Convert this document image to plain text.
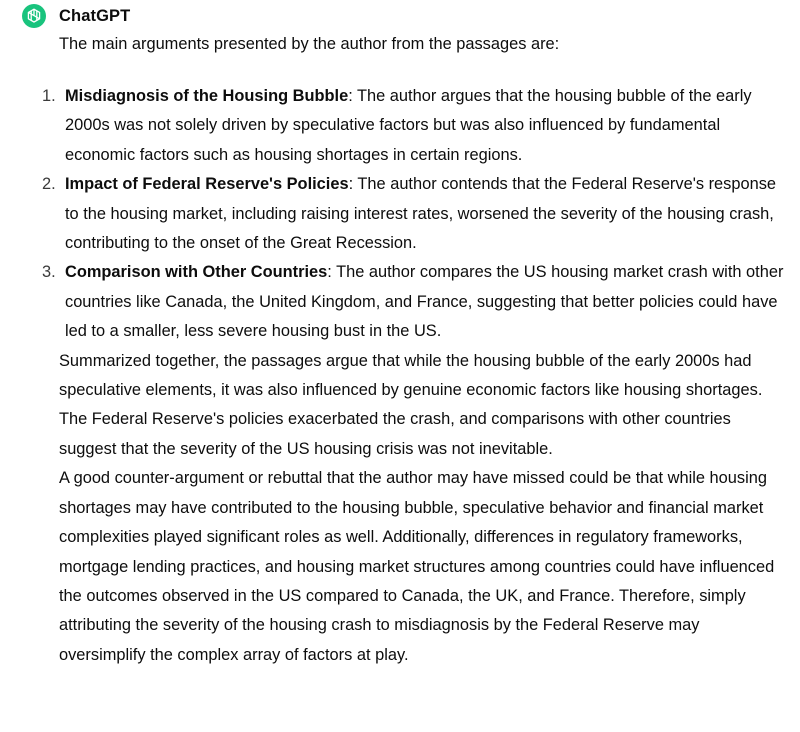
ChatGPT

The main arguments presented by the author from the passages are:

1. Misdiagnosis of the Housing Bubble: The author argues that the housing bubble of the early 2000s was not solely driven by speculative factors but was also influenced by fundamental economic factors such as housing shortages in certain regions.
2. Impact of Federal Reserve's Policies: The author contends that the Federal Reserve's response to the housing market, including raising interest rates, worsened the severity of the housing crash, contributing to the onset of the Great Recession.
3. Comparison with Other Countries: The author compares the US housing market crash with other countries like Canada, the United Kingdom, and France, suggesting that better policies could have led to a smaller, less severe housing bust in the US.

Summarized together, the passages argue that while the housing bubble of the early 2000s had speculative elements, it was also influenced by genuine economic factors like housing shortages. The Federal Reserve's policies exacerbated the crash, and comparisons with other countries suggest that the severity of the US housing crisis was not inevitable.

A good counter-argument or rebuttal that the author may have missed could be that while housing shortages may have contributed to the housing bubble, speculative behavior and financial market complexities played significant roles as well. Additionally, differences in regulatory frameworks, mortgage lending practices, and housing market structures among countries could have influenced the outcomes observed in the US compared to Canada, the UK, and France. Therefore, simply attributing the severity of the housing crash to misdiagnosis by the Federal Reserve may oversimplify the complex array of factors at play.
